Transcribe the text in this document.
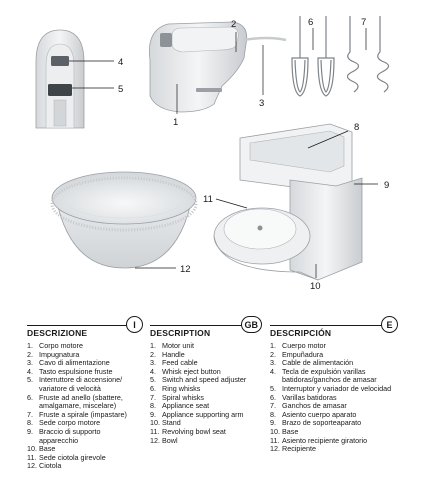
1
2
3
4
5
6	7
8
9
10
11
12
DESCRIZIONE
I
1. Corpo motore
2. Impugnatura
3. Cavo di alimentazione
4. Tasto espulsione fruste
5. Interruttore di accensione/ variatore di velocità
6. Fruste ad anello (sbattere, amalgamare, miscelare)
7. Fruste a spirale (impastare)
8. Sede corpo motore
9. Braccio di supporto apparecchio
10. Base
11. Sede ciotola girevole
12. Ciotola
DESCRIPTION
GB
1. Motor unit
2. Handle
3. Feed cable
4. Whisk eject button
5. Switch and speed adjuster
6. Ring whisks
7. Spiral whisks
8. Appliance seat
9. Appliance supporting arm
10. Stand
11. Revolving bowl seat
12. Bowl
DESCRIPCIÓN
E
1. Cuerpo motor
2. Empuñadura
3. Cable de alimentación
4. Tecla de expulsión varillas batidoras/ganchos de amasar
5. Interruptor y variador de velocidad
6. Varillas batidoras
7. Ganchos de amasar
8. Asiento cuerpo aparato
9. Brazo de soporteaparato
10. Base
11. Asiento recipiente giratorio
12. Recipiente
